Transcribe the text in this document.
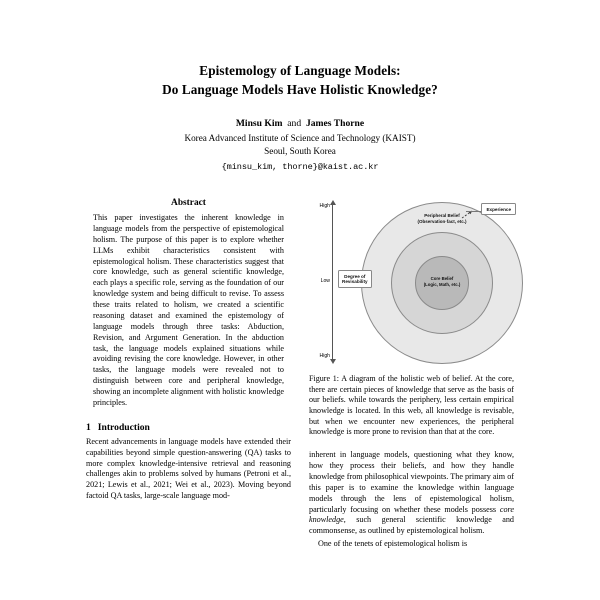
Epistemology of Language Models:
Do Language Models Have Holistic Knowledge?
Minsu Kim and James Thorne
Korea Advanced Institute of Science and Technology (KAIST)
Seoul, South Korea
{minsu_kim, thorne}@kaist.ac.kr
Abstract

This paper investigates the inherent knowledge in language models from the perspective of epistemological holism. The purpose of this paper is to explore whether LLMs exhibit characteristics consistent with epistemological holism. These characteristics suggest that core knowledge, such as general scientific knowledge, each plays a specific role, serving as the foundation of our knowledge system and being difficult to revise. To assess these traits related to holism, we created a scientific reasoning dataset and examined the epistemology of language models through three tasks: Abduction, Revision, and Argument Generation. In the abduction task, the language models explained situations while avoiding revising the core knowledge. However, in other tasks, the language models were revealed not to distinguish between core and peripheral knowledge, showing an incomplete alignment with holistic knowledge principles.

1 Introduction

Recent advancements in language models have extended their capabilities beyond simple question-answering (QA) tasks to more complex knowledge-intensive retrieval and reasoning challenges akin to problems solved by humans (Petroni et al., 2021; Lewis et al., 2021; Wei et al., 2023). Moving beyond factoid QA tasks, large-scale language mod-

High
Low
High
Degree of
Revisability
Peripheral Belief
(Observation·fact, etc.)
Core Belief
(Logic, Math, etc.)
Experience

Figure 1: A diagram of the holistic web of belief. At the core, there are certain pieces of knowledge that serve as the basis of our beliefs. while towards the periphery, less certain empirical knowledge is located. In this web, all knowledge is revisable, but when we encounter new experiences, the peripheral knowledge is more prone to revision than that at the core.

inherent in language models, questioning what they know, how they process their beliefs, and how they handle knowledge from philosophical viewpoints. The primary aim of this paper is to examine the knowledge within language models through the lens of epistemological holism, particularly focusing on whether these models possess core knowledge, such general scientific knowledge and commonsense, as outlined by epistemological holism.

One of the tenets of epistemological holism is
